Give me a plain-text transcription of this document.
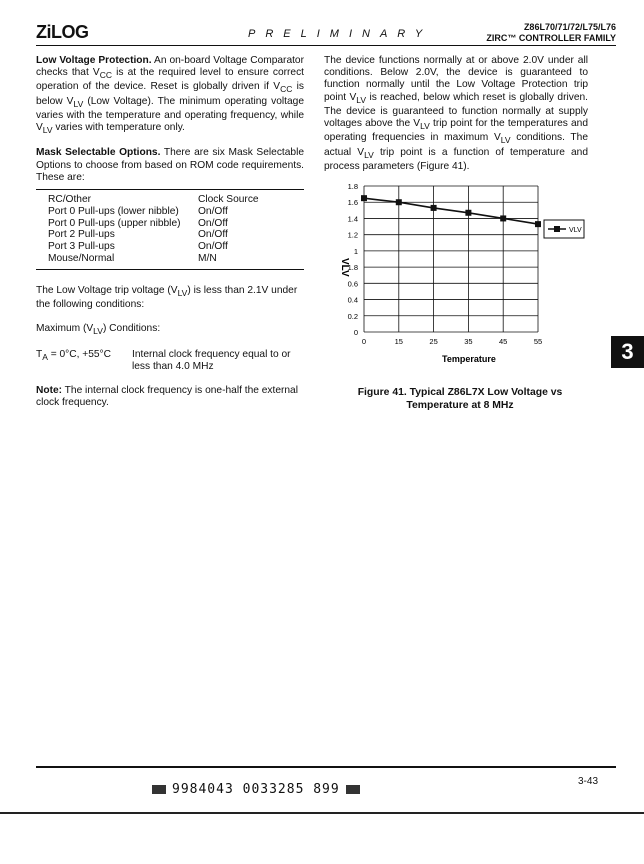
ZiLOG	PRELIMINARY
Z86L70/71/72/L75/L76
ZIRC™ CONTROLLER FAMILY

Low Voltage Protection. An on-board Voltage Comparator checks that $V_{CC}$ is at the required level to ensure correct operation of the device. Reset is globally driven if $V_{CC}$ is below $V_{LV}$ (Low Voltage). The minimum operating voltage varies with the temperature and operating frequency, while $V_{LV}$ varies with temperature only.

Mask Selectable Options. There are six Mask Selectable Options to choose from based on ROM code requirements. These are:

RC/Other	Clock Source
Port 0 Pull-ups (lower nibble)	On/Off
Port 0 Pull-ups (upper nibble)	On/Off
Port 2 Pull-ups	On/Off
Port 3 Pull-ups	On/Off
Mouse/Normal	M/N

The Low Voltage trip voltage $(V_{LV})$ is less than 2.1V under the following conditions:

Maximum $(V_{LV})$ Conditions:

$T_A = 0^\circ C$, +55°C	Internal clock frequency equal to or less than 4.0 MHz

Note: The internal clock frequency is one-half the external clock frequency.

The device functions normally at or above 2.0V under all conditions. Below 2.0V, the device is guaranteed to function normally until the Low Voltage Protection trip point $V_{LV}$ is reached, below which reset is globally driven. The device is guaranteed to function normally at supply voltages above the $V_{LV}$ trip point for the temperatures and operating frequencies in maximum $V_{LV}$ conditions. The actual $V_{LV}$ trip point is a function of temperature and process parameters (Figure 41).

1.8
1.6
1.4
1.2
1
1.8
0.6
0.4
0.2
0
0	15	25	35	45	55
VLV
Temperature
VLV
Figure 41. Typical Z86L7X Low Voltage vs
Temperature at 8 MHz
3
3-43
9984043 0033285 899
